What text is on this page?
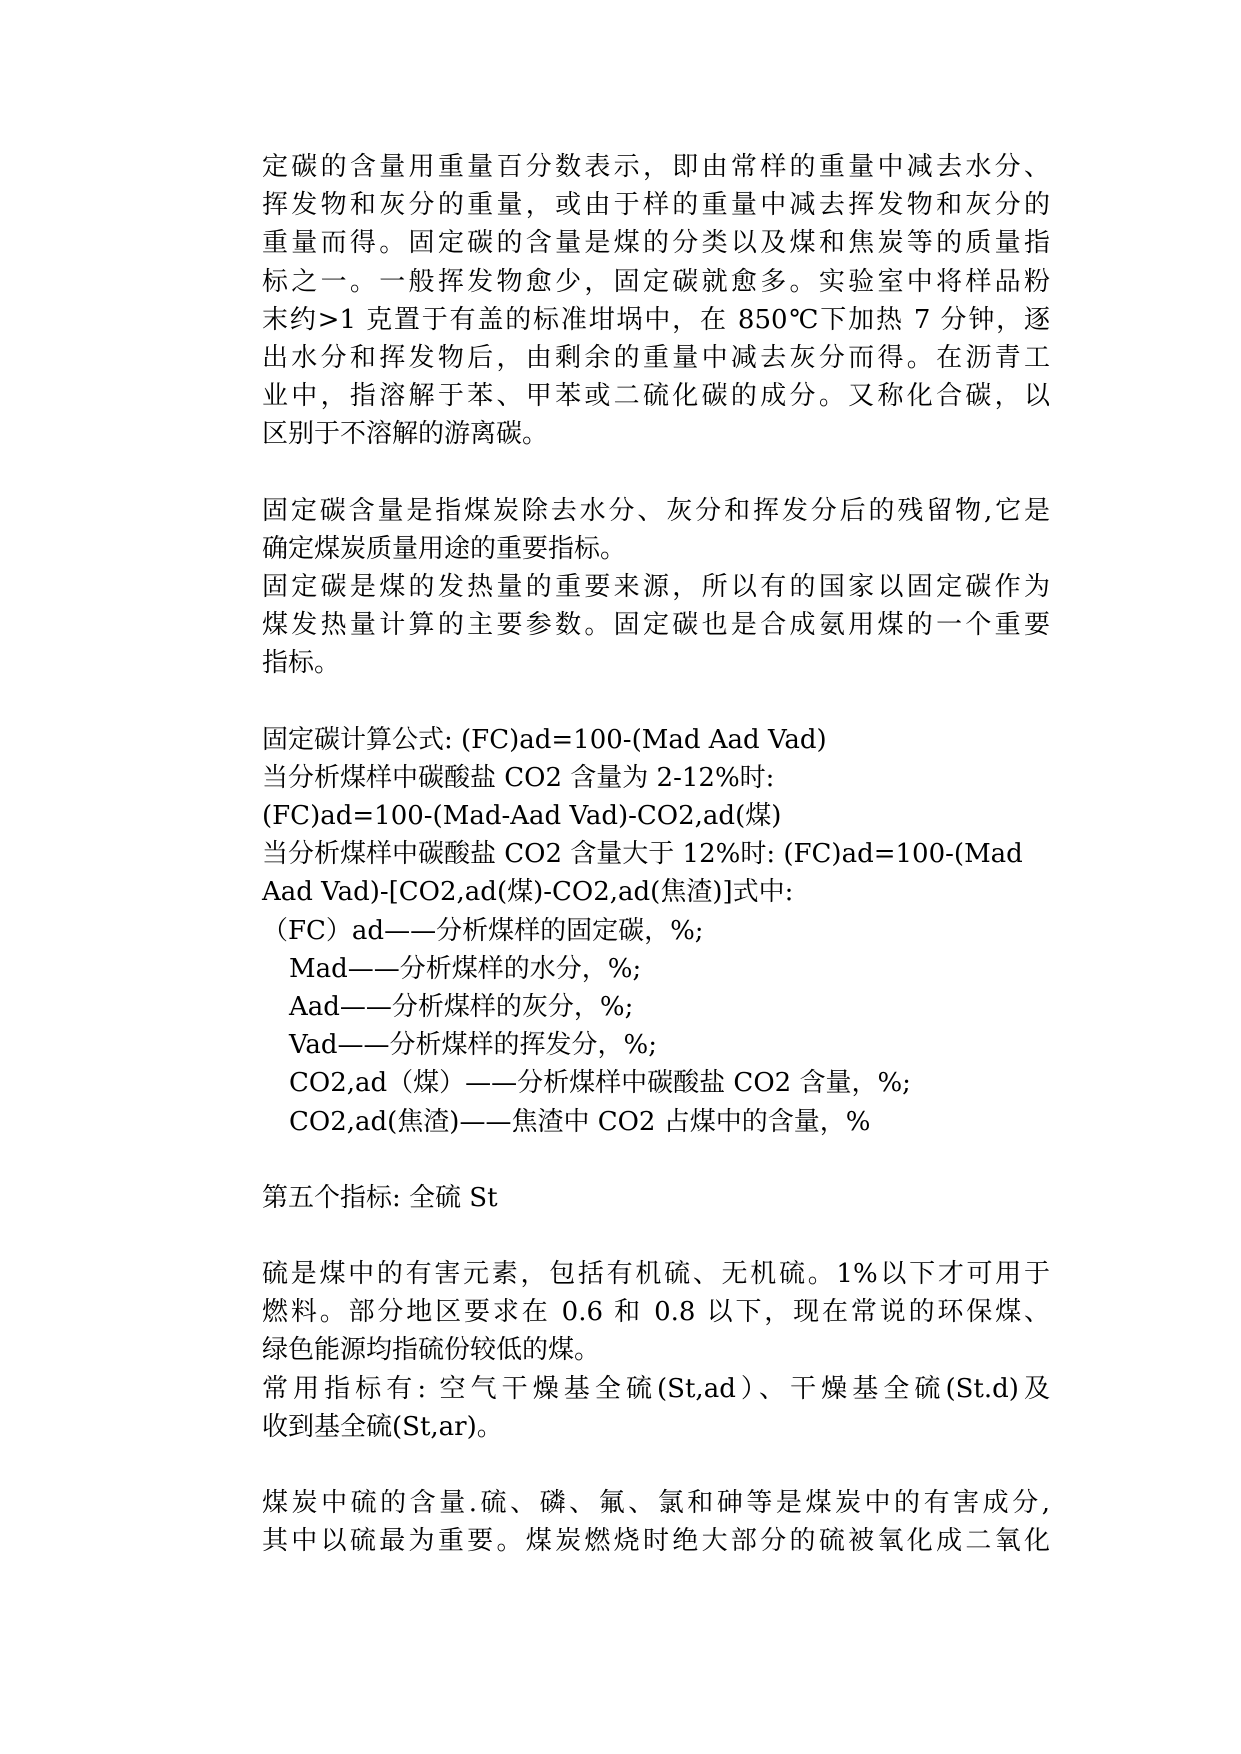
定碳的含量用重量百分数表示，即由常样的重量中减去水分、
挥发物和灰分的重量，或由于样的重量中减去挥发物和灰分的
重量而得。固定碳的含量是煤的分类以及煤和焦炭等的质量指
标之一。一般挥发物愈少，固定碳就愈多。实验室中将样品粉
末约>1 克置于有盖的标准坩埚中，在 850℃下加热 7 分钟，逐
出水分和挥发物后，由剩余的重量中减去灰分而得。在沥青工
业中，指溶解于苯、甲苯或二硫化碳的成分。又称化合碳，以
区别于不溶解的游离碳。
固定碳含量是指煤炭除去水分、灰分和挥发分后的残留物,它是
确定煤炭质量用途的重要指标。
固定碳是煤的发热量的重要来源，所以有的国家以固定碳作为
煤发热量计算的主要参数。固定碳也是合成氨用煤的一个重要
指标。
固定碳计算公式: (FC)ad=100-(Mad Aad Vad)
当分析煤样中碳酸盐 CO2 含量为 2-12%时:
(FC)ad=100-(Mad-Aad Vad)-CO2,ad(煤)
当分析煤样中碳酸盐 CO2 含量大于 12%时: (FC)ad=100-(Mad
Aad Vad)-[CO2,ad(煤)-CO2,ad(焦渣)]式中:
（FC）ad——分析煤样的固定碳，%;
Mad——分析煤样的水分，%;
Aad——分析煤样的灰分，%;
Vad——分析煤样的挥发分，%;
CO2,ad（煤）——分析煤样中碳酸盐 CO2 含量，%;
CO2,ad(焦渣)——焦渣中 CO2 占煤中的含量，%
第五个指标: 全硫 St
硫是煤中的有害元素，包括有机硫、无机硫。1%以下才可用于
燃料。部分地区要求在 0.6 和 0.8 以下，现在常说的环保煤、
绿色能源均指硫份较低的煤。
常用指标有: 空气干燥基全硫(St,ad）、干燥基全硫(St.d)及
收到基全硫(St,ar)。
煤炭中硫的含量.硫、磷、氟、氯和砷等是煤炭中的有害成分,
其中以硫最为重要。煤炭燃烧时绝大部分的硫被氧化成二氧化
